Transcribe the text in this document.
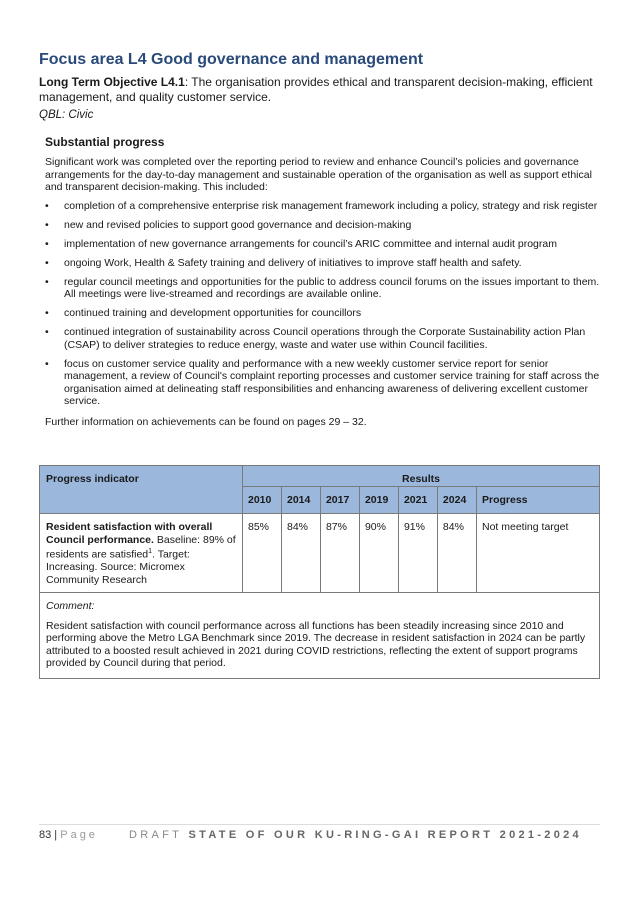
Focus area L4 Good governance and management

Long Term Objective L4.1: The organisation provides ethical and transparent decision-making, efficient management, and quality customer service.

QBL: Civic

Substantial progress

Significant work was completed over the reporting period to review and enhance Council’s policies and governance arrangements for the day-to-day management and sustainable operation of the organisation as well as support ethical and transparent decision-making. This included:

• completion of a comprehensive enterprise risk management framework including a policy, strategy and risk register
• new and revised policies to support good governance and decision-making
• implementation of new governance arrangements for council’s ARIC committee and internal audit program
• ongoing Work, Health & Safety training and delivery of initiatives to improve staff health and safety.
• regular council meetings and opportunities for the public to address council forums on the issues important to them. All meetings were live-streamed and recordings are available online.
• continued training and development opportunities for councillors
• continued integration of sustainability across Council operations through the Corporate Sustainability action Plan (CSAP) to deliver strategies to reduce energy, waste and water use within Council facilities.
• focus on customer service quality and performance with a new weekly customer service report for senior management, a review of Council's complaint reporting processes and customer service training for staff across the organisation aimed at delineating staff responsibilities and enhancing awareness of delivering excellent customer service.

Further information on achievements can be found on pages 29 – 32.

Progress indicator	Results						
	2010	2014	2017	2019	2021	2024	Progress
Resident satisfaction with overall Council performance. Baseline: 89% of residents are satisfied$^1$. Target: Increasing. Source: Micromex Community Research	85%	84%	87%	90%	91%	84%	Not meeting target

Comment:
Resident satisfaction with council performance across all functions has been steadily increasing since 2010 and performing above the Metro LGA Benchmark since 2019. The decrease in resident satisfaction in 2024 can be partly attributed to a boosted result achieved in 2021 during COVID restrictions, reflecting the extent of support programs provided by Council during that period.							
83 | Page	DRAFT STATE OF OUR KU-RING-GAI REPORT 2021-2024
